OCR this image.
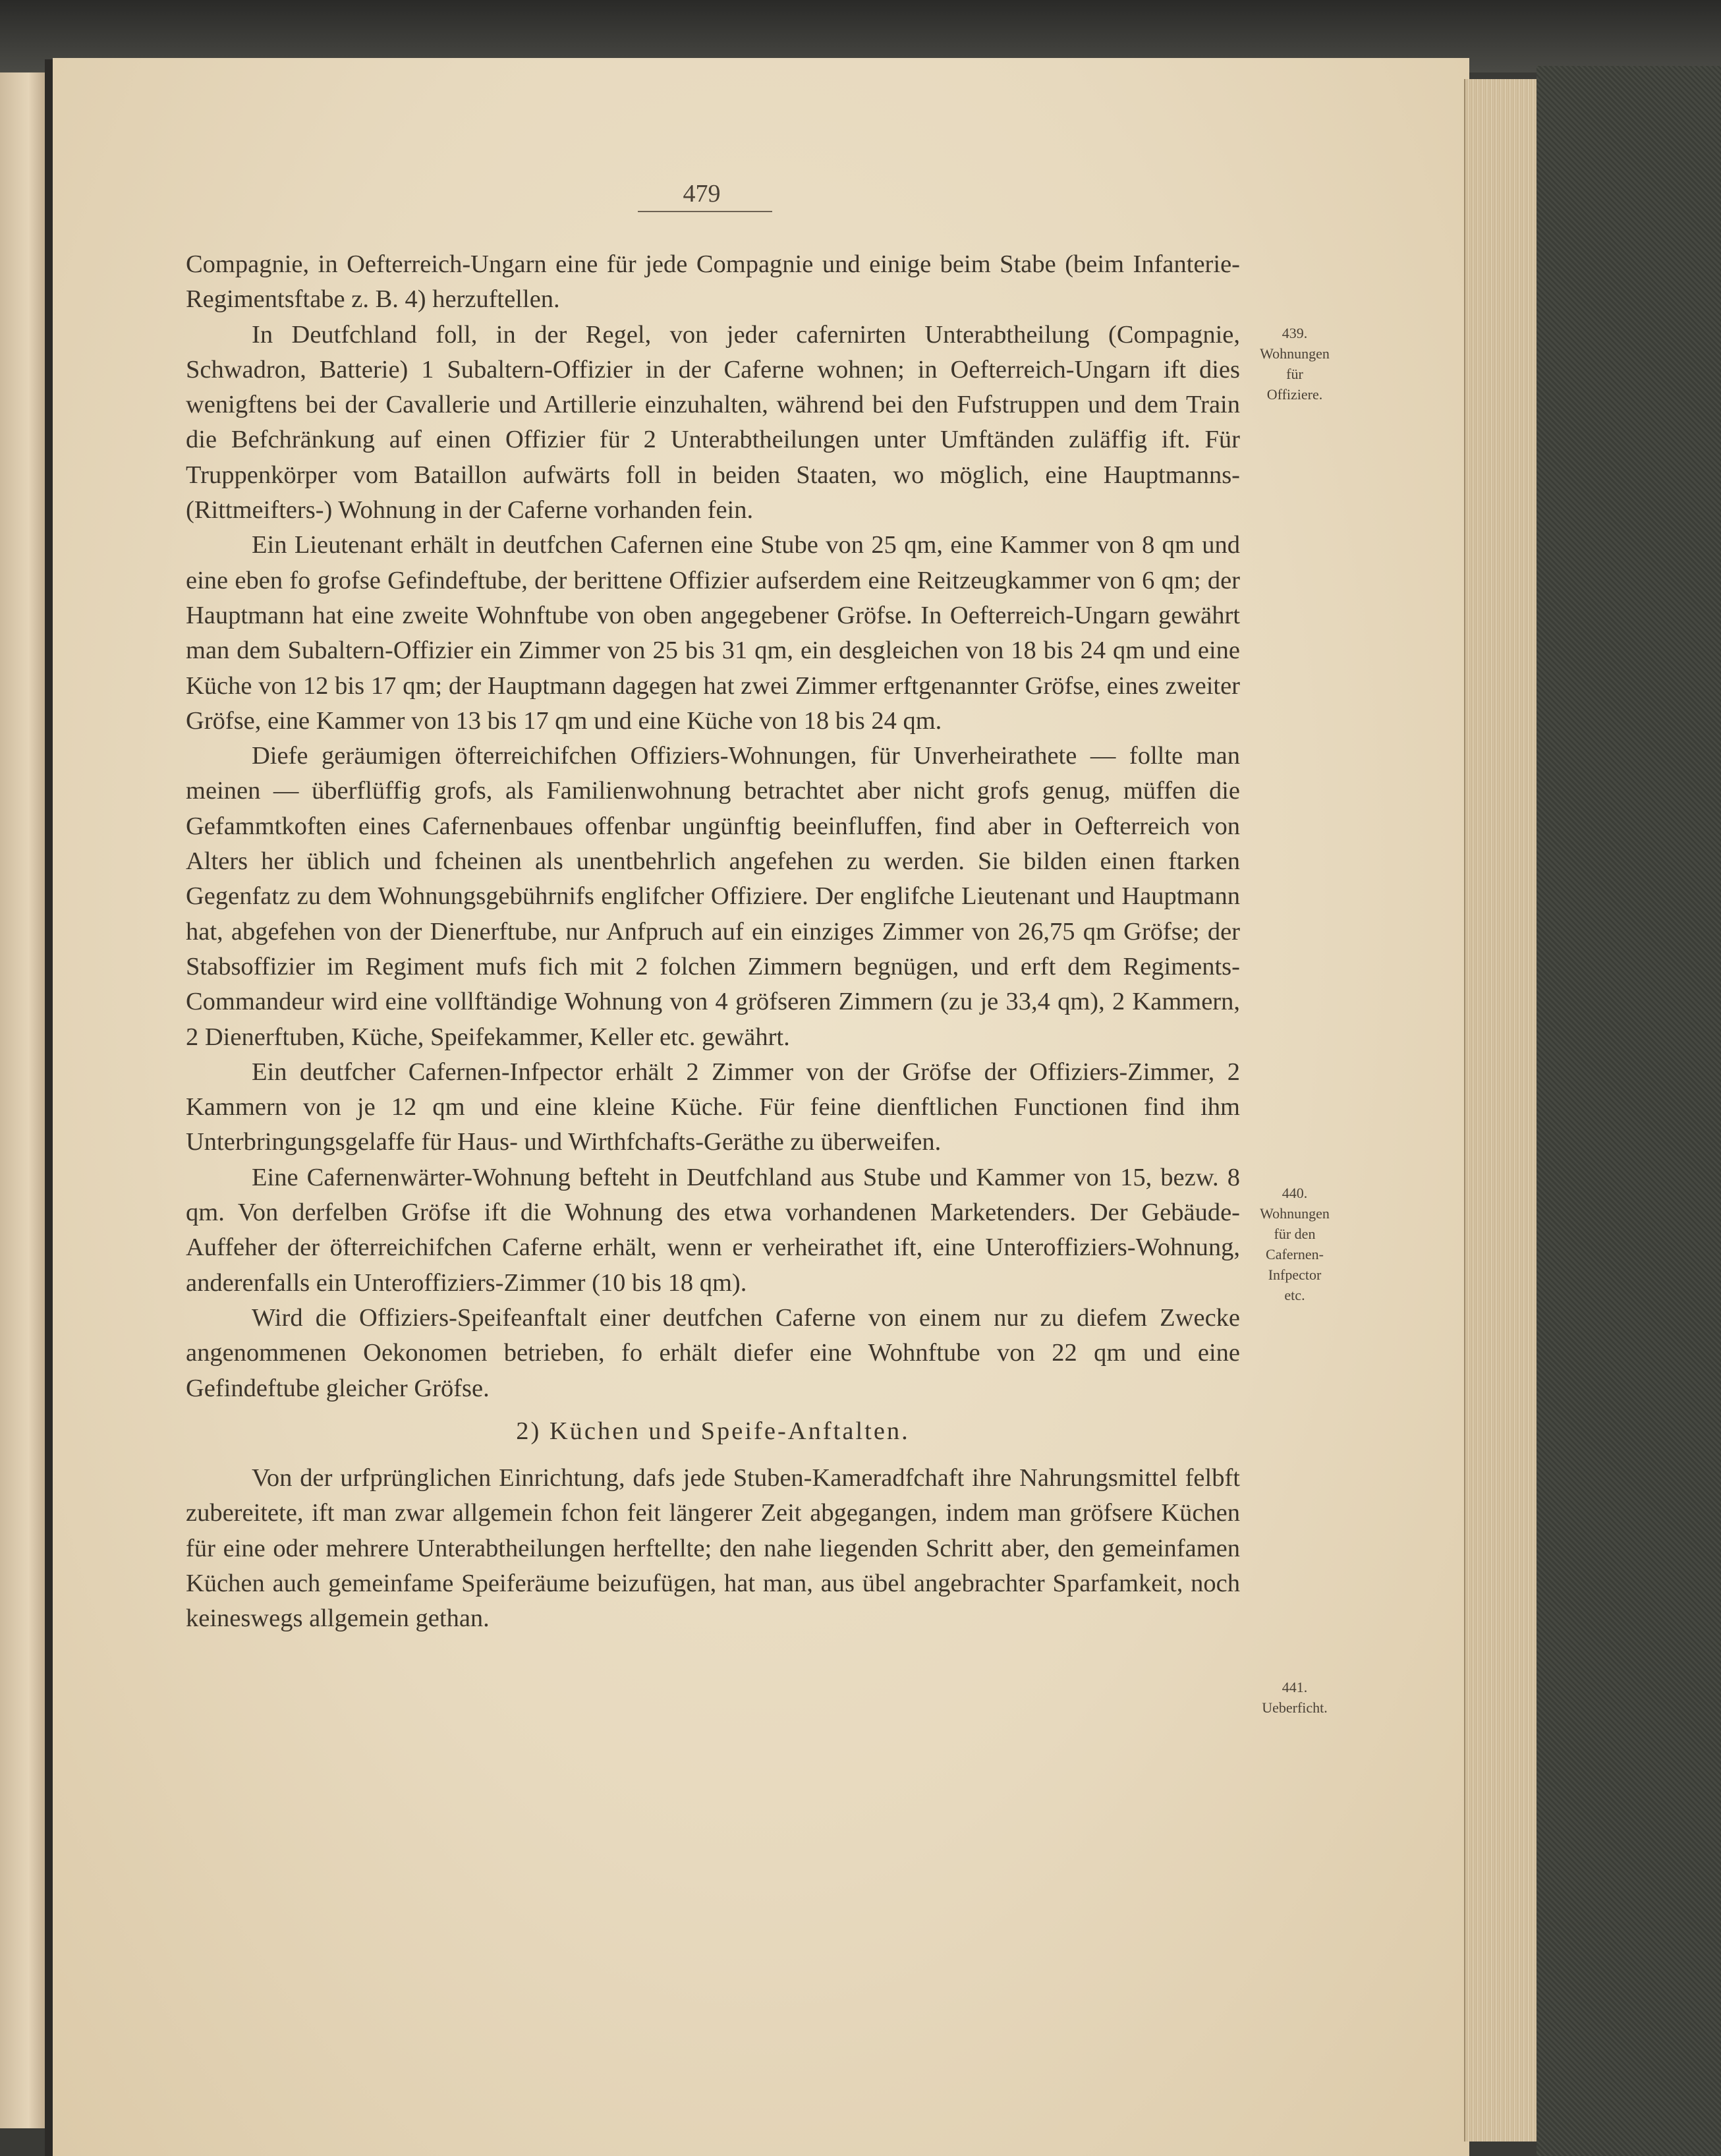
479

Compagnie, in Oefterreich-Ungarn eine für jede Compagnie und einige beim Stabe (beim Infanterie-Regimentsftabe z. B. 4) herzuftellen.

In Deutfchland foll, in der Regel, von jeder cafernirten Unterabtheilung (Compagnie, Schwadron, Batterie) 1 Subaltern-Offizier in der Caferne wohnen; in Oefterreich-Ungarn ift dies wenigftens bei der Cavallerie und Artillerie einzuhalten, während bei den Fufstruppen und dem Train die Befchränkung auf einen Offizier für 2 Unterabtheilungen unter Umftänden zuläffig ift. Für Truppenkörper vom Bataillon aufwärts foll in beiden Staaten, wo möglich, eine Hauptmanns- (Rittmeifters-) Wohnung in der Caferne vorhanden fein.

Ein Lieutenant erhält in deutfchen Cafernen eine Stube von 25 qm, eine Kammer von 8 qm und eine eben fo grofse Gefindeftube, der berittene Offizier aufserdem eine Reitzeugkammer von 6 qm; der Hauptmann hat eine zweite Wohnftube von oben angegebener Gröfse. In Oefterreich-Ungarn gewährt man dem Subaltern-Offizier ein Zimmer von 25 bis 31 qm, ein desgleichen von 18 bis 24 qm und eine Küche von 12 bis 17 qm; der Hauptmann dagegen hat zwei Zimmer erftgenannter Gröfse, eines zweiter Gröfse, eine Kammer von 13 bis 17 qm und eine Küche von 18 bis 24 qm.

Diefe geräumigen öfterreichifchen Offiziers-Wohnungen, für Unverheirathete — follte man meinen — überflüffig grofs, als Familienwohnung betrachtet aber nicht grofs genug, müffen die Gefammtkoften eines Cafernenbaues offenbar ungünftig beeinfluffen, find aber in Oefterreich von Alters her üblich und fcheinen als unentbehrlich angefehen zu werden. Sie bilden einen ftarken Gegenfatz zu dem Wohnungsgebührnifs englifcher Offiziere. Der englifche Lieutenant und Hauptmann hat, abgefehen von der Dienerftube, nur Anfpruch auf ein einziges Zimmer von 26,75 qm Gröfse; der Stabsoffizier im Regiment mufs fich mit 2 folchen Zimmern begnügen, und erft dem Regiments-Commandeur wird eine vollftändige Wohnung von 4 gröfseren Zimmern (zu je 33,4 qm), 2 Kammern, 2 Dienerftuben, Küche, Speifekammer, Keller etc. gewährt.

Ein deutfcher Cafernen-Infpector erhält 2 Zimmer von der Gröfse der Offiziers-Zimmer, 2 Kammern von je 12 qm und eine kleine Küche. Für feine dienftlichen Functionen find ihm Unterbringungsgelaffe für Haus- und Wirthfchafts-Geräthe zu überweifen.

Eine Cafernenwärter-Wohnung befteht in Deutfchland aus Stube und Kammer von 15, bezw. 8 qm. Von derfelben Gröfse ift die Wohnung des etwa vorhandenen Marketenders. Der Gebäude-Auffeher der öfterreichifchen Caferne erhält, wenn er verheirathet ift, eine Unteroffiziers-Wohnung, anderenfalls ein Unteroffiziers-Zimmer (10 bis 18 qm).

Wird die Offiziers-Speifeanftalt einer deutfchen Caferne von einem nur zu diefem Zwecke angenommenen Oekonomen betrieben, fo erhält diefer eine Wohnftube von 22 qm und eine Gefindeftube gleicher Gröfse.

2) Küchen und Speife-Anftalten.

Von der urfprünglichen Einrichtung, dafs jede Stuben-Kameradfchaft ihre Nahrungsmittel felbft zubereitete, ift man zwar allgemein fchon feit längerer Zeit abgegangen, indem man gröfsere Küchen für eine oder mehrere Unterabtheilungen herftellte; den nahe liegenden Schritt aber, den gemeinfamen Küchen auch gemeinfame Speiferäume beizufügen, hat man, aus übel angebrachter Sparfamkeit, noch keineswegs allgemein gethan.

439.
Wohnungen
für
Offiziere.
440.
Wohnungen
für den
Cafernen-
Infpector
etc.
441.
Ueberficht.
